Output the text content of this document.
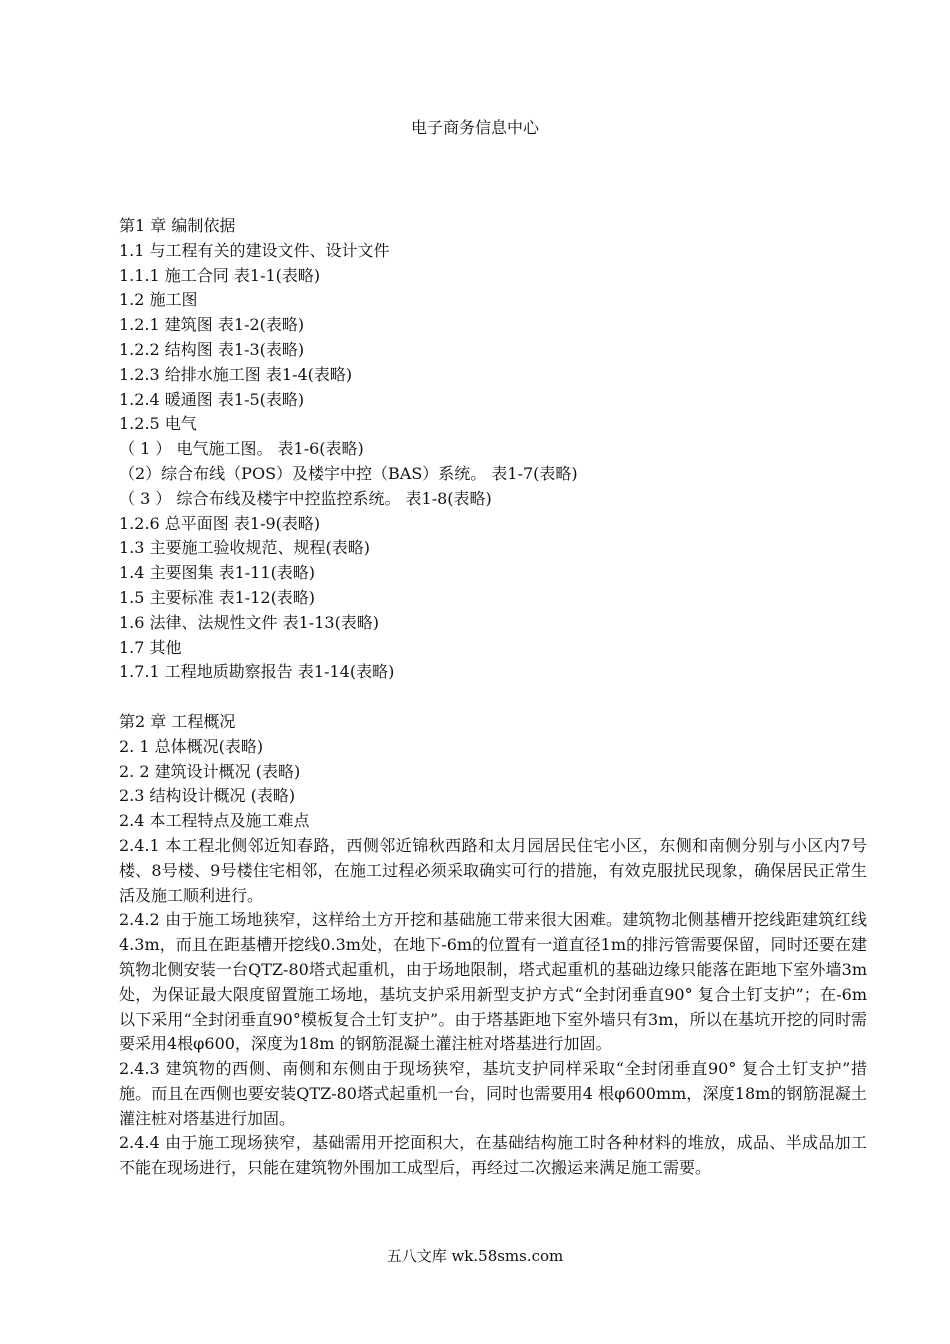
电子商务信息中心
第1 章 编制依据
1.1 与工程有关的建设文件、设计文件
1.1.1 施工合同 表1-1(表略)
1.2 施工图
1.2.1 建筑图 表1-2(表略)
1.2.2 结构图 表1-3(表略)
1.2.3 给排水施工图 表1-4(表略)
1.2.4 暖通图 表1-5(表略)
1.2.5 电气
（ 1 ） 电气施工图。 表1-6(表略)
（2）综合布线（POS）及楼宇中控（BAS）系统。 表1-7(表略)
（ 3 ） 综合布线及楼宇中控监控系统。 表1-8(表略)
1.2.6 总平面图 表1-9(表略)
1.3 主要施工验收规范、规程(表略)
1.4 主要图集 表1-11(表略)
1.5 主要标准 表1-12(表略)
1.6 法律、法规性文件 表1-13(表略)
1.7 其他
1.7.1 工程地质勘察报告 表1-14(表略)
第2 章 工程概况
2. 1 总体概况(表略)
2. 2 建筑设计概况 (表略)
2.3 结构设计概况 (表略)
2.4 本工程特点及施工难点
2.4.1 本工程北侧邻近知春路，西侧邻近锦秋西路和太月园居民住宅小区，东侧和南侧分别与小区内7号楼、8号楼、9号楼住宅相邻，在施工过程必须采取确实可行的措施，有效克服扰民现象，确保居民正常生活及施工顺利进行。
2.4.2 由于施工场地狭窄，这样给土方开挖和基础施工带来很大困难。建筑物北侧基槽开挖线距建筑红线4.3m，而且在距基槽开挖线0.3m处，在地下-6m的位置有一道直径1m的排污管需要保留，同时还要在建筑物北侧安装一台QTZ-80塔式起重机，由于场地限制，塔式起重机的基础边缘只能落在距地下室外墙3m处，为保证最大限度留置施工场地，基坑支护采用新型支护方式“全封闭垂直90° 复合土钉支护”；在-6m以下采用“全封闭垂直90°模板复合土钉支护”。由于塔基距地下室外墙只有3m，所以在基坑开挖的同时需要采用4根φ600，深度为18m 的钢筋混凝土灌注桩对塔基进行加固。
2.4.3 建筑物的西侧、南侧和东侧由于现场狭窄，基坑支护同样采取“全封闭垂直90° 复合土钉支护”措施。而且在西侧也要安装QTZ-80塔式起重机一台，同时也需要用4 根φ600mm，深度18m的钢筋混凝土灌注桩对塔基进行加固。
2.4.4 由于施工现场狭窄，基础需用开挖面积大，在基础结构施工时各种材料的堆放，成品、半成品加工不能在现场进行，只能在建筑物外围加工成型后，再经过二次搬运来满足施工需要。
五八文库 wk.58sms.com
